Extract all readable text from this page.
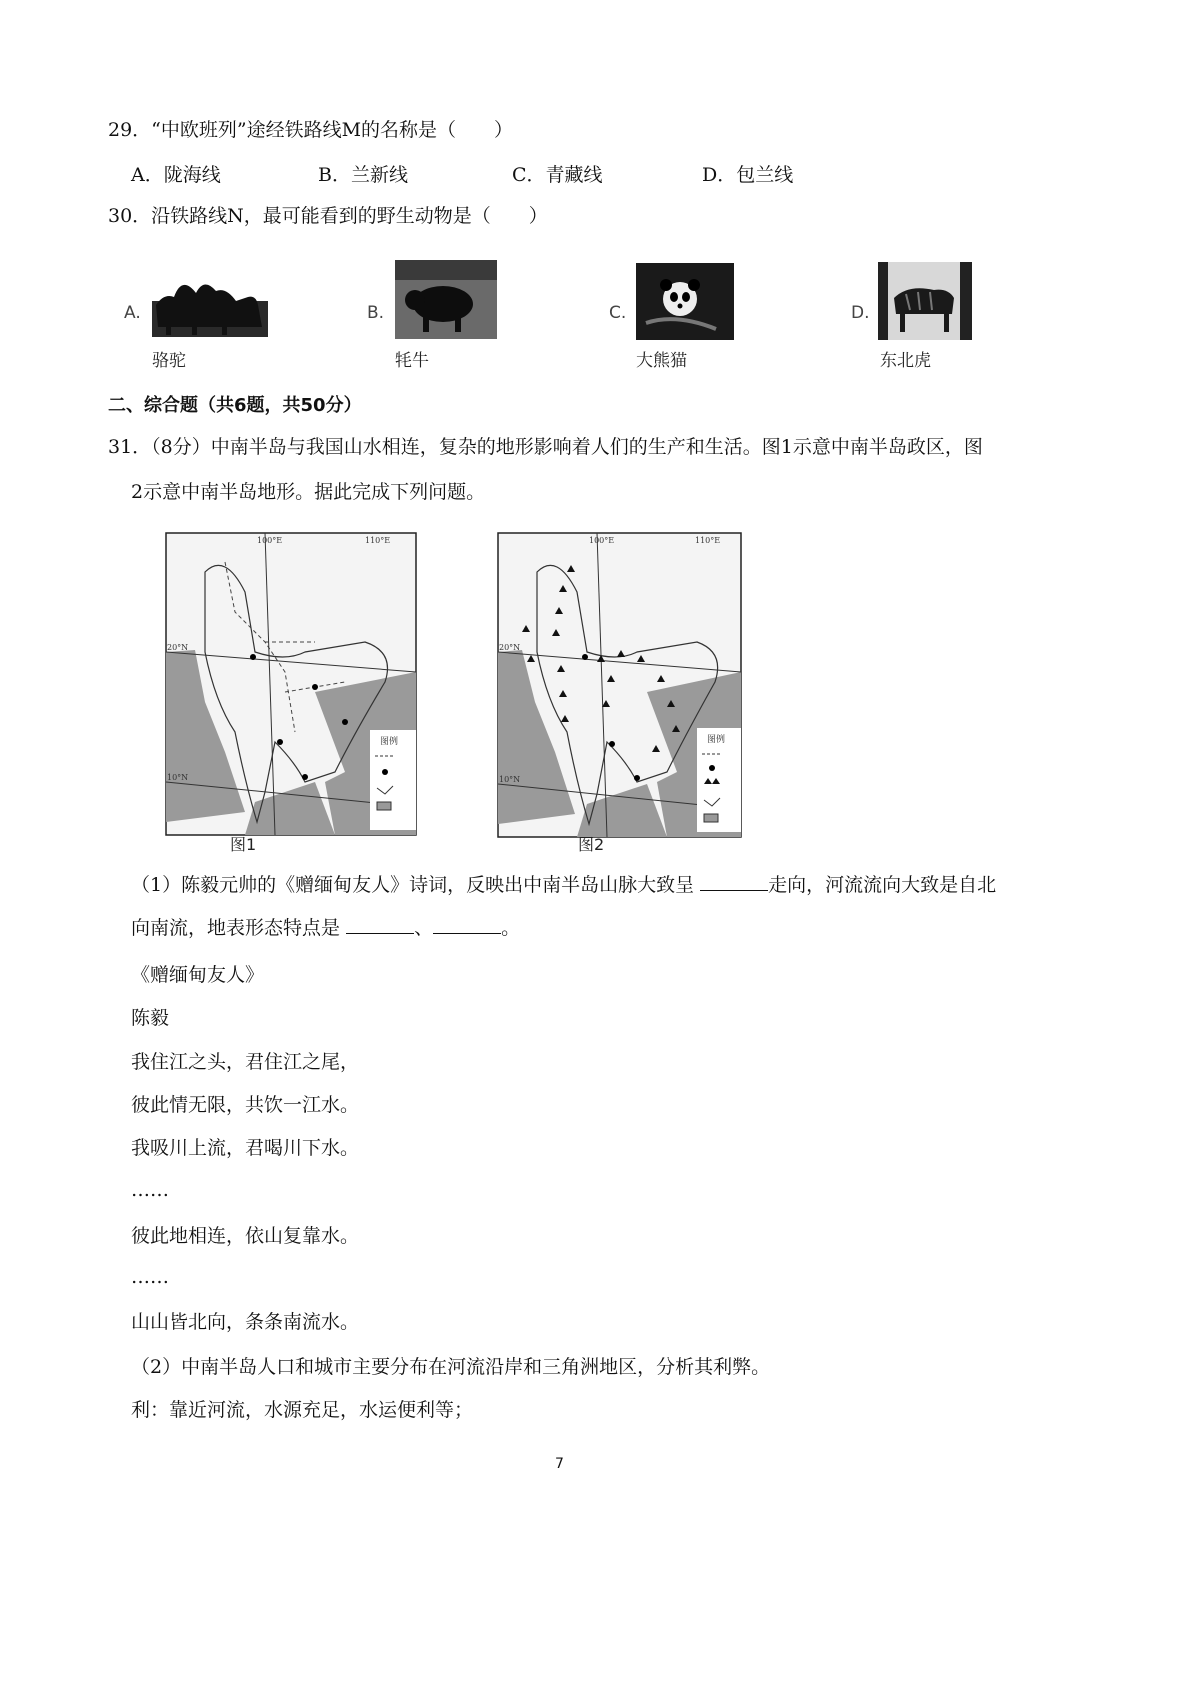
29．“中欧班列”途经铁路线M的名称是（　　）
A．陇海线	B．兰新线	C．青藏线	D．包兰线
30．沿铁路线N，最可能看到的野生动物是（　　）
A.
骆驼
B.
牦牛
C.
大熊猫
D.
东北虎
二、综合题（共6题，共50分）
31．（8分）中南半岛与我国山水相连，复杂的地形影响着人们的生产和生活。图1示意中南半岛政区，图
2示意中南半岛地形。据此完成下列问题。
图例
20°N
10°N
100°E	110°E
图1
图例
20°N
10°N
100°E	110°E
图2
（1）陈毅元帅的《赠缅甸友人》诗词，反映出中南半岛山脉大致呈	走向，河流流向大致是自北
向南流，地表形态特点是	、	。
《赠缅甸友人》
陈毅
我住江之头，君住江之尾，
彼此情无限，共饮一江水。
我吸川上流，君喝川下水。
……
彼此地相连，依山复靠水。
……
山山皆北向，条条南流水。
（2）中南半岛人口和城市主要分布在河流沿岸和三角洲地区，分析其利弊。
利：靠近河流，水源充足，水运便利等；
7
